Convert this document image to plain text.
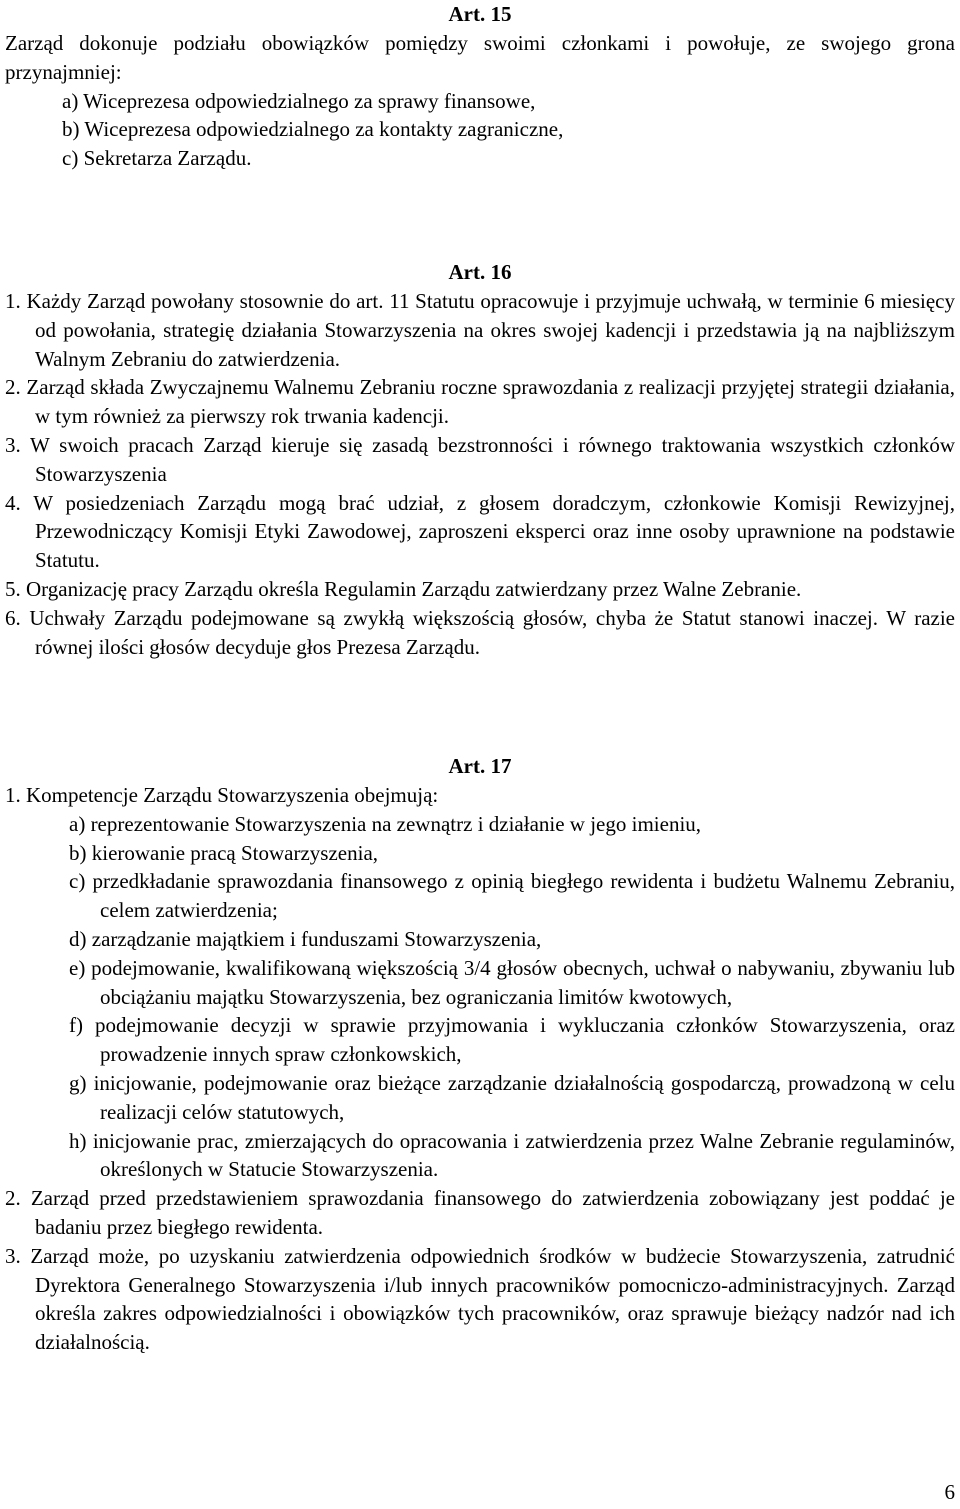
Art. 15

Zarząd dokonuje podziału obowiązków pomiędzy swoimi członkami i powołuje, ze swojego grona przynajmniej:

a) Wiceprezesa odpowiedzialnego za sprawy finansowe,

b) Wiceprezesa odpowiedzialnego za kontakty zagraniczne,

c) Sekretarza Zarządu.

Art. 16

1. Każdy Zarząd powołany stosownie do art. 11 Statutu opracowuje i przyjmuje uchwałą, w terminie 6 miesięcy od powołania, strategię działania Stowarzyszenia na okres swojej kadencji i przedstawia ją na najbliższym Walnym Zebraniu do zatwierdzenia.

2. Zarząd składa Zwyczajnemu Walnemu Zebraniu roczne sprawozdania z realizacji przyjętej strategii działania, w tym również za pierwszy rok trwania kadencji.

3. W swoich pracach Zarząd kieruje się zasadą bezstronności i równego traktowania wszystkich członków Stowarzyszenia

4. W posiedzeniach Zarządu mogą brać udział, z głosem doradczym, członkowie Komisji Rewizyjnej, Przewodniczący Komisji Etyki Zawodowej, zaproszeni eksperci oraz inne osoby uprawnione na podstawie Statutu.

5. Organizację pracy Zarządu określa Regulamin Zarządu zatwierdzany przez Walne Zebranie.

6. Uchwały Zarządu podejmowane są zwykłą większością głosów, chyba że Statut stanowi inaczej. W razie równej ilości głosów decyduje głos Prezesa Zarządu.

Art. 17

1. Kompetencje Zarządu Stowarzyszenia obejmują:

a) reprezentowanie Stowarzyszenia na zewnątrz i działanie w jego imieniu,

b) kierowanie pracą Stowarzyszenia,

c) przedkładanie sprawozdania finansowego z opinią biegłego rewidenta i budżetu Walnemu Zebraniu, celem zatwierdzenia;

d) zarządzanie majątkiem i funduszami Stowarzyszenia,

e) podejmowanie, kwalifikowaną większością 3/4 głosów obecnych, uchwał o nabywaniu, zbywaniu lub obciążaniu majątku Stowarzyszenia, bez ograniczania limitów kwotowych,

f) podejmowanie decyzji w sprawie przyjmowania i wykluczania członków Stowarzyszenia, oraz prowadzenie innych spraw członkowskich,

g) inicjowanie, podejmowanie oraz bieżące zarządzanie działalnością gospodarczą, prowadzoną w celu realizacji celów statutowych,

h) inicjowanie prac, zmierzających do opracowania i zatwierdzenia przez Walne Zebranie regulaminów, określonych w Statucie Stowarzyszenia.

2. Zarząd przed przedstawieniem sprawozdania finansowego do zatwierdzenia zobowiązany jest poddać je badaniu przez biegłego rewidenta.

3. Zarząd może, po uzyskaniu zatwierdzenia odpowiednich środków w budżecie Stowarzyszenia, zatrudnić Dyrektora Generalnego Stowarzyszenia i/lub innych pracowników pomocniczo-administracyjnych. Zarząd określa zakres odpowiedzialności i obowiązków tych pracowników, oraz sprawuje bieżący nadzór nad ich działalnością.

6
